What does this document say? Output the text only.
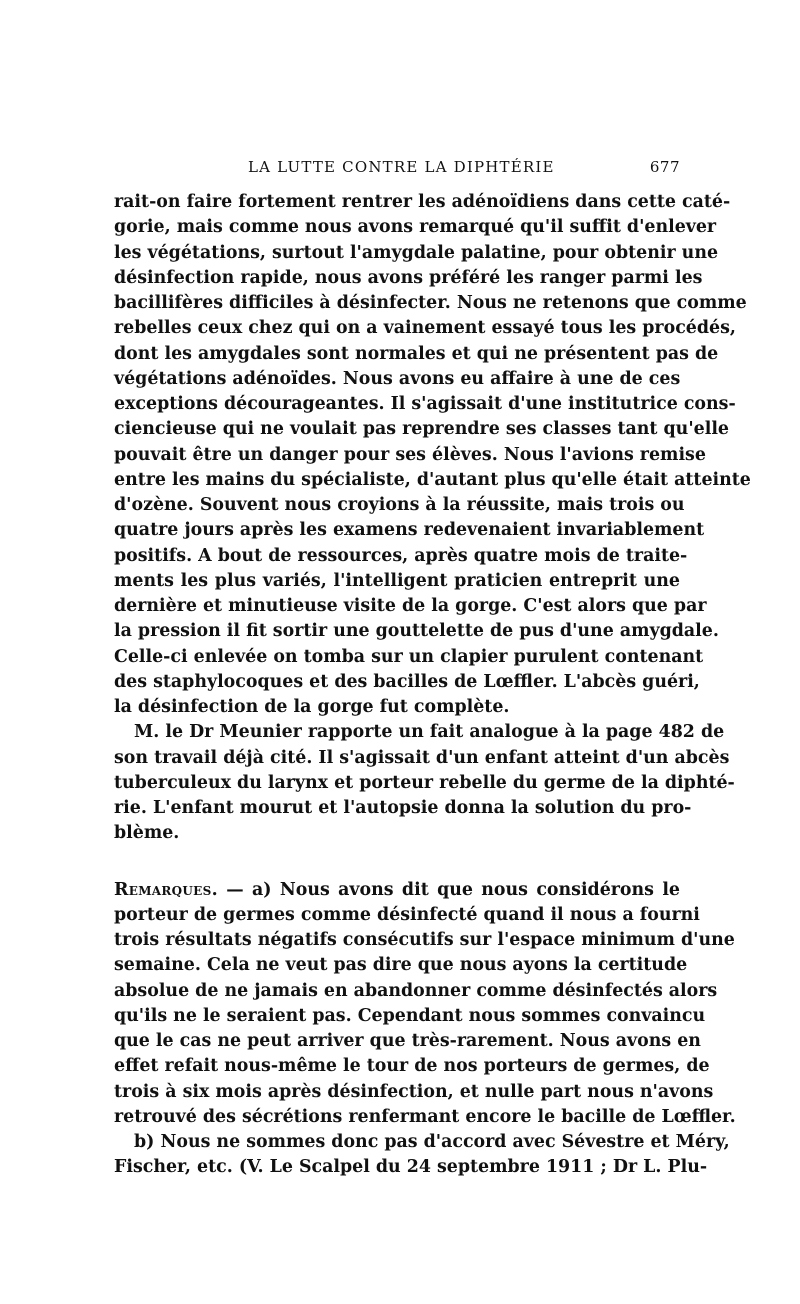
LA LUTTE CONTRE LA DIPHTÉRIE	677
rait-on faire fortement rentrer les adénoïdiens dans cette caté-
gorie, mais comme nous avons remarqué qu'il suffit d'enlever
les végétations, surtout l'amygdale palatine, pour obtenir une
désinfection rapide, nous avons préféré les ranger parmi les
bacillifères difficiles à désinfecter. Nous ne retenons que comme
rebelles ceux chez qui on a vainement essayé tous les procédés,
dont les amygdales sont normales et qui ne présentent pas de
végétations adénoïdes. Nous avons eu affaire à une de ces
exceptions décourageantes. Il s'agissait d'une institutrice cons-
ciencieuse qui ne voulait pas reprendre ses classes tant qu'elle
pouvait être un danger pour ses élèves. Nous l'avions remise
entre les mains du spécialiste, d'autant plus qu'elle était atteinte
d'ozène. Souvent nous croyions à la réussite, mais trois ou
quatre jours après les examens redevenaient invariablement
positifs. A bout de ressources, après quatre mois de traite-
ments les plus variés, l'intelligent praticien entreprit une
dernière et minutieuse visite de la gorge. C'est alors que par
la pression il fit sortir une gouttelette de pus d'une amygdale.
Celle-ci enlevée on tomba sur un clapier purulent contenant
des staphylocoques et des bacilles de Lœffler. L'abcès guéri,
la désinfection de la gorge fut complète.
M. le Dr Meunier rapporte un fait analogue à la page 482 de
son travail déjà cité. Il s'agissait d'un enfant atteint d'un abcès
tuberculeux du larynx et porteur rebelle du germe de la diphté-
rie. L'enfant mourut et l'autopsie donna la solution du pro-
blème.
Remarques. — a) Nous avons dit que nous considérons le
porteur de germes comme désinfecté quand il nous a fourni
trois résultats négatifs consécutifs sur l'espace minimum d'une
semaine. Cela ne veut pas dire que nous ayons la certitude
absolue de ne jamais en abandonner comme désinfectés alors
qu'ils ne le seraient pas. Cependant nous sommes convaincu
que le cas ne peut arriver que très-rarement. Nous avons en
effet refait nous-même le tour de nos porteurs de germes, de
trois à six mois après désinfection, et nulle part nous n'avons
retrouvé des sécrétions renfermant encore le bacille de Lœffler.
b) Nous ne sommes donc pas d'accord avec Sévestre et Méry,
Fischer, etc. (V. Le Scalpel du 24 septembre 1911 ; Dr L. Plu-
